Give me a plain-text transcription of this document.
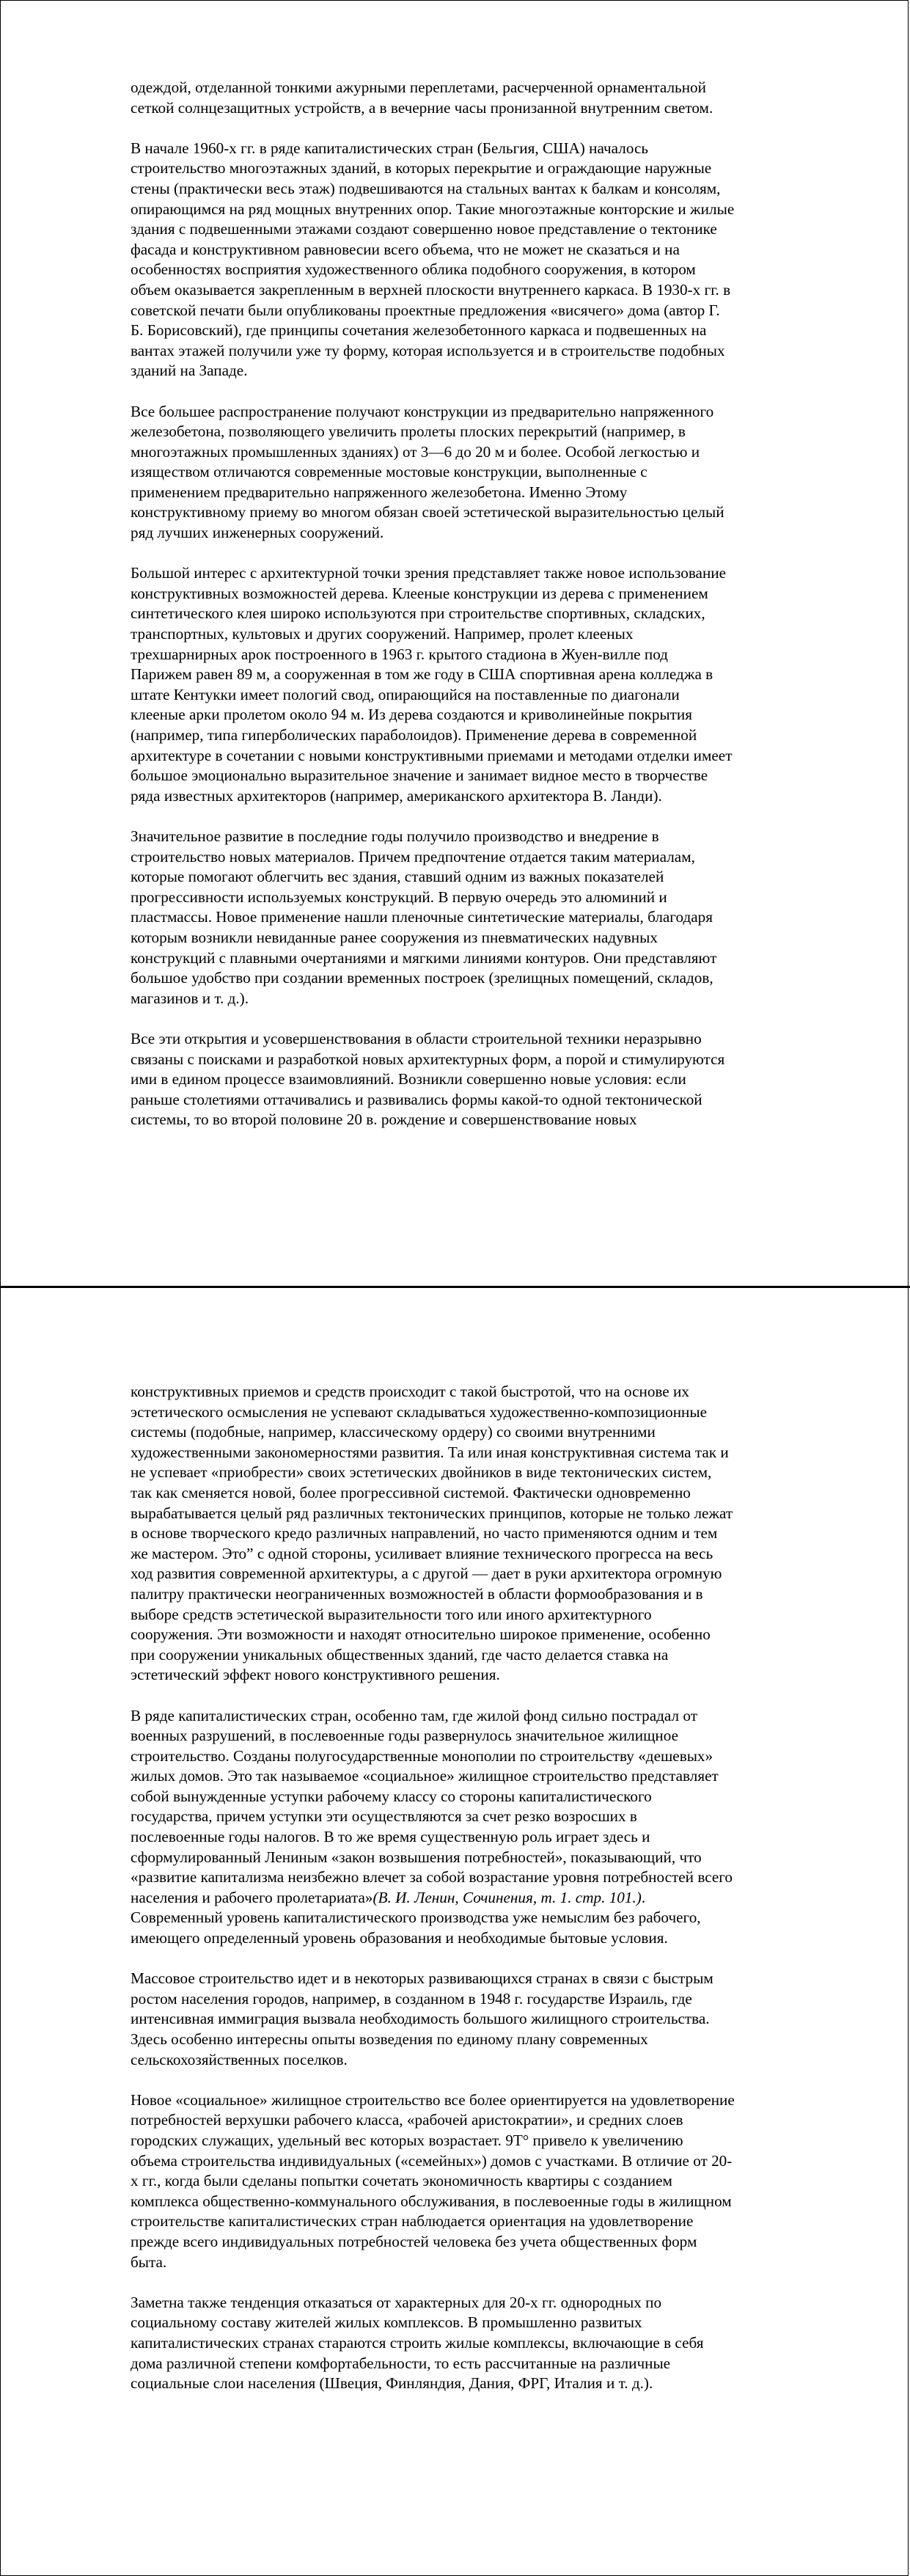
одеждой, отделанной тонкими ажурными переплетами, расчерченной орнаментальной
сеткой солнцезащитных устройств, а в вечерние часы пронизанной внутренним светом.

В начале 1960-х гг. в ряде капиталистических стран (Бельгия, США) началось
строительство многоэтажных зданий, в которых перекрытие и ограждающие наружные
стены (практически весь этаж) подвешиваются на стальных вантах к балкам и консолям,
опирающимся на ряд мощных внутренних опор. Такие многоэтажные конторские и жилые
здания с подвешенными этажами создают совершенно новое представление о тектонике
фасада и конструктивном равновесии всего объема, что не может не сказаться и на
особенностях восприятия художественного облика подобного сооружения, в котором
объем оказывается закрепленным в верхней плоскости внутреннего каркаса. В 1930-х гг. в
советской печати были опубликованы проектные предложения «висячего» дома (автор Г.
Б. Борисовский), где принципы сочетания железобетонного каркаса и подвешенных на
вантах этажей получили уже ту форму, которая используется и в строительстве подобных
зданий на Западе.

Все большее распространение получают конструкции из предварительно напряженного
железобетона, позволяющего увеличить пролеты плоских перекрытий (например, в
многоэтажных промышленных зданиях) от 3—6 до 20 м и более. Особой легкостью и
изяществом отличаются современные мостовые конструкции, выполненные с
применением предварительно напряженного железобетона. Именно Этому
конструктивному приему во многом обязан своей эстетической выразительностью целый
ряд лучших инженерных сооружений.

Большой интерес с архитектурной точки зрения представляет также новое использование
конструктивных возможностей дерева. Клееные конструкции из дерева с применением
синтетического клея широко используются при строительстве спортивных, складских,
транспортных, культовых и других сооружений. Например, пролет клееных
трехшарнирных арок построенного в 1963 г. крытого стадиона в Жуен-вилле под
Парижем равен 89 м, а сооруженная в том же году в США спортивная арена колледжа в
штате Кентукки имеет пологий свод, опирающийся на поставленные по диагонали
клееные арки пролетом около 94 м. Из дерева создаются и криволинейные покрытия
(например, типа гиперболических параболоидов). Применение дерева в современной
архитектуре в сочетании с новыми конструктивными приемами и методами отделки имеет
большое эмоционально выразительное значение и занимает видное место в творчестве
ряда известных архитекторов (например, американского архитектора В. Ланди).

Значительное развитие в последние годы получило производство и внедрение в
строительство новых материалов. Причем предпочтение отдается таким материалам,
которые помогают облегчить вес здания, ставший одним из важных показателей
прогрессивности используемых конструкций. В первую очередь это алюминий и
пластмассы. Новое применение нашли пленочные синтетические материалы, благодаря
которым возникли невиданные ранее сооружения из пневматических надувных
конструкций с плавными очертаниями и мягкими линиями контуров. Они представляют
большое удобство при создании временных построек (зрелищных помещений, складов,
магазинов и т. д.).

Все эти открытия и усовершенствования в области строительной техники неразрывно
связаны с поисками и разработкой новых архитектурных форм, а порой и стимулируются
ими в едином процессе взаимовлияний. Возникли совершенно новые условия: если
раньше столетиями оттачивались и развивались формы какой-то одной тектонической
системы, то во второй половине 20 в. рождение и совершенствование новых

конструктивных приемов и средств происходит с такой быстротой, что на основе их
эстетического осмысления не успевают складываться художественно-композиционные
системы (подобные, например, классическому ордеру) со своими внутренними
художественными закономерностями развития. Та или иная конструктивная система так и
не успевает «приобрести» своих эстетических двойников в виде тектонических систем,
так как сменяется новой, более прогрессивной системой. Фактически одновременно
вырабатывается целый ряд различных тектонических принципов, которые не только лежат
в основе творческого кредо различных направлений, но часто применяются одним и тем
же мастером. Это” с одной стороны, усиливает влияние технического прогресса на весь
ход развития современной архитектуры, а с другой — дает в руки архитектора огромную
палитру практически неограниченных возможностей в области формообразования и в
выборе средств эстетической выразительности того или иного архитектурного
сооружения. Эти возможности и находят относительно широкое применение, особенно
при сооружении уникальных общественных зданий, где часто делается ставка на
эстетический эффект нового конструктивного решения.

В ряде капиталистических стран, особенно там, где жилой фонд сильно пострадал от
военных разрушений, в послевоенные годы развернулось значительное жилищное
строительство. Созданы полугосударственные монополии по строительству «дешевых»
жилых домов. Это так называемое «социальное» жилищное строительство представляет
собой вынужденные уступки рабочему классу со стороны капиталистического
государства, причем уступки эти осуществляются за счет резко возросших в
послевоенные годы налогов. В то же время существенную роль играет здесь и
сформулированный Лениным «закон возвышения потребностей», показывающий, что
«развитие капитализма неизбежно влечет за собой возрастание уровня потребностей всего
населения и рабочего пролетариата»(В. И. Ленин, Сочинения, т. 1. стр. 101.).
Современный уровень капиталистического производства уже немыслим без рабочего,
имеющего определенный уровень образования и необходимые бытовые условия.

Массовое строительство идет и в некоторых развивающихся странах в связи с быстрым
ростом населения городов, например, в созданном в 1948 г. государстве Израиль, где
интенсивная иммиграция вызвала необходимость большого жилищного строительства.
Здесь особенно интересны опыты возведения по единому плану современных
сельскохозяйственных поселков.

Новое «социальное» жилищное строительство все более ориентируется на удовлетворение
потребностей верхушки рабочего класса, «рабочей аристократии», и средних слоев
городских служащих, удельный вес которых возрастает. 9Т° привело к увеличению
объема строительства индивидуальных («семейных») домов с участками. В отличие от 20-
х гг., когда были сделаны попытки сочетать экономичность квартиры с созданием
комплекса общественно-коммунального обслуживания, в послевоенные годы в жилищном
строительстве капиталистических стран наблюдается ориентация на удовлетворение
прежде всего индивидуальных потребностей человека без учета общественных форм
быта.

Заметна также тенденция отказаться от характерных для 20-х гг. однородных по
социальному составу жителей жилых комплексов. В промышленно развитых
капиталистических странах стараются строить жилые комплексы, включающие в себя
дома различной степени комфортабельности, то есть рассчитанные на различные
социальные слои населения (Швеция, Финляндия, Дания, ФРГ, Италия и т. д.).
